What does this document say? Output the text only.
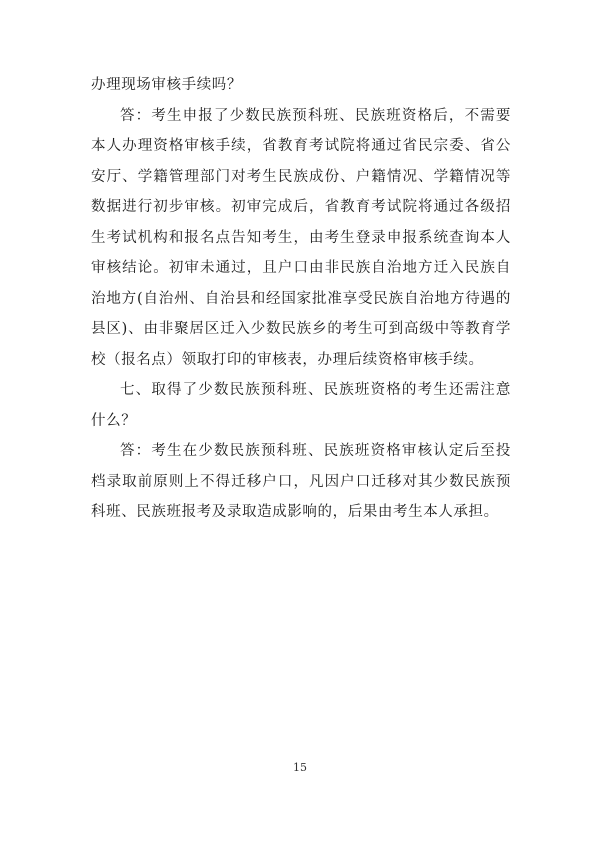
办理现场审核手续吗？

答：考生申报了少数民族预科班、民族班资格后，不需要本人办理资格审核手续，省教育考试院将通过省民宗委、省公安厅、学籍管理部门对考生民族成份、户籍情况、学籍情况等数据进行初步审核。初审完成后，省教育考试院将通过各级招生考试机构和报名点告知考生，由考生登录申报系统查询本人审核结论。初审未通过，且户口由非民族自治地方迁入民族自治地方(自治州、自治县和经国家批准享受民族自治地方待遇的县区)、由非聚居区迁入少数民族乡的考生可到高级中等教育学校（报名点）领取打印的审核表，办理后续资格审核手续。

七、取得了少数民族预科班、民族班资格的考生还需注意什么？

答：考生在少数民族预科班、民族班资格审核认定后至投档录取前原则上不得迁移户口，凡因户口迁移对其少数民族预科班、民族班报考及录取造成影响的，后果由考生本人承担。

15
